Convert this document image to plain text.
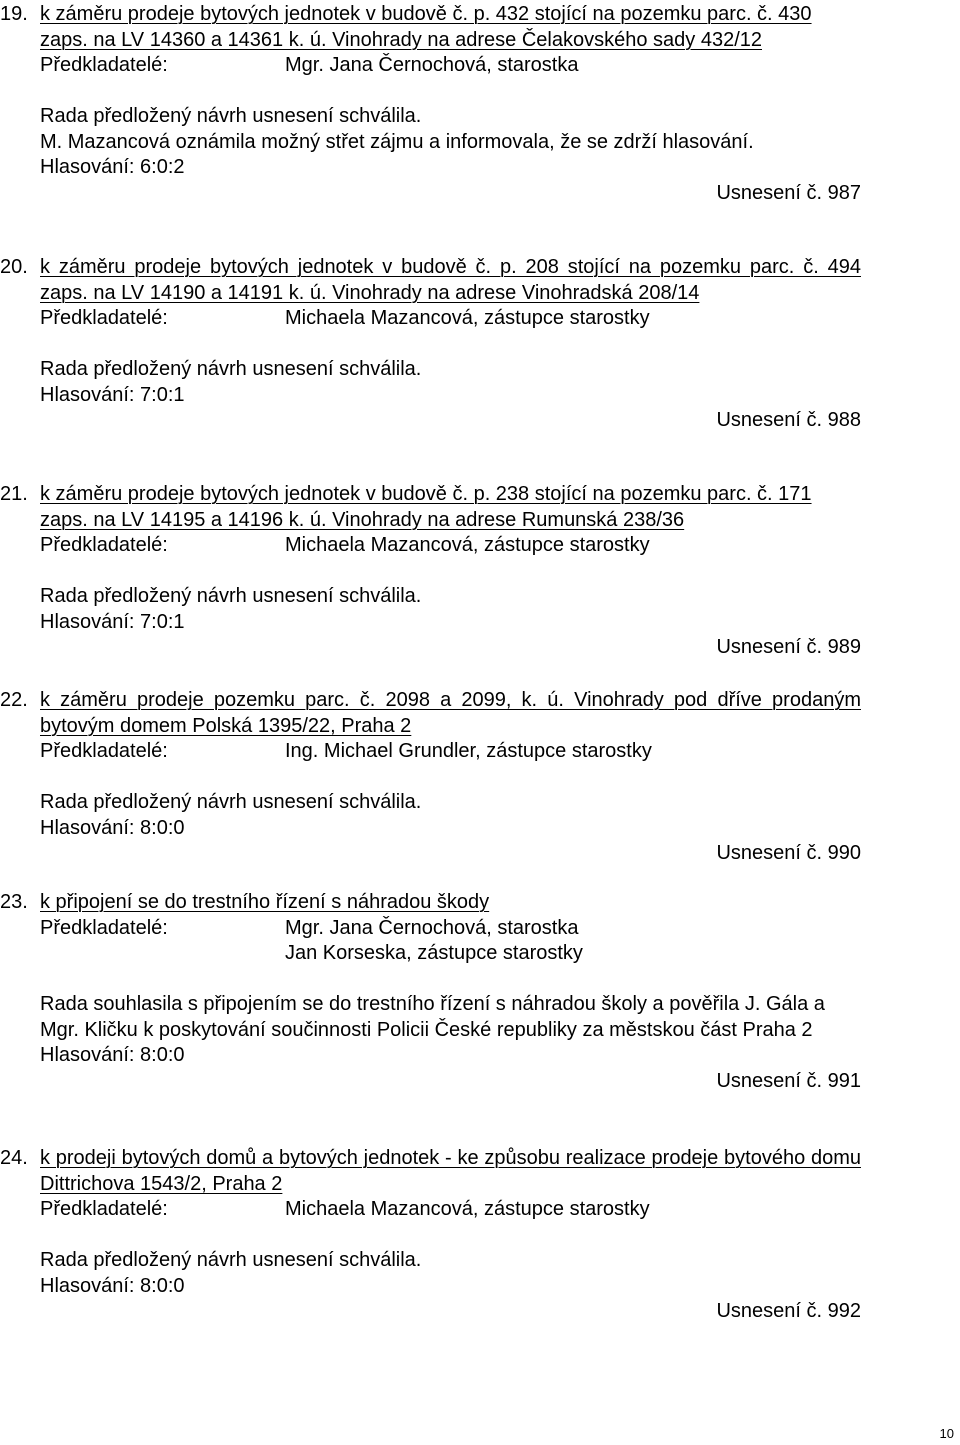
19. k záměru prodeje bytových jednotek v budově č. p. 432 stojící na pozemku parc. č. 430 zaps. na LV 14360 a 14361 k. ú. Vinohrady na adrese Čelakovského sady 432/12
Předkladatelé:	Mgr. Jana Černochová, starostka
Rada předložený návrh usnesení schválila.
M. Mazancová oznámila možný střet zájmu a informovala, že se zdrží hlasování.
Hlasování: 6:0:2
Usnesení č. 987
20. k záměru prodeje bytových jednotek v budově č. p. 208 stojící na pozemku parc. č. 494 zaps. na LV 14190 a 14191 k. ú. Vinohrady na adrese Vinohradská 208/14
Předkladatelé:	Michaela Mazancová, zástupce starostky
Rada předložený návrh usnesení schválila.
Hlasování: 7:0:1
Usnesení č. 988
21. k záměru prodeje bytových jednotek v budově č. p. 238 stojící na pozemku parc. č. 171 zaps. na LV 14195 a 14196 k. ú. Vinohrady na adrese Rumunská 238/36
Předkladatelé:	Michaela Mazancová, zástupce starostky
Rada předložený návrh usnesení schválila.
Hlasování: 7:0:1
Usnesení č. 989
22. k záměru prodeje pozemku parc. č. 2098 a 2099, k. ú. Vinohrady pod dříve prodaným bytovým domem Polská 1395/22, Praha 2
Předkladatelé:	Ing. Michael Grundler, zástupce starostky
Rada předložený návrh usnesení schválila.
Hlasování: 8:0:0
Usnesení č. 990
23. k připojení se do trestního řízení s náhradou škody
Předkladatelé:	Mgr. Jana Černochová, starostka
Jan Korseska, zástupce starostky
Rada souhlasila s připojením se do trestního řízení s náhradou školy a pověřila J. Gála a Mgr. Kličku k poskytování součinnosti Policii České republiky za městskou část Praha 2
Hlasování: 8:0:0
Usnesení č. 991
24. k prodeji bytových domů a bytových jednotek - ke způsobu realizace prodeje bytového domu Dittrichova 1543/2, Praha 2
Předkladatelé:	Michaela Mazancová, zástupce starostky
Rada předložený návrh usnesení schválila.
Hlasování: 8:0:0
Usnesení č. 992
10
